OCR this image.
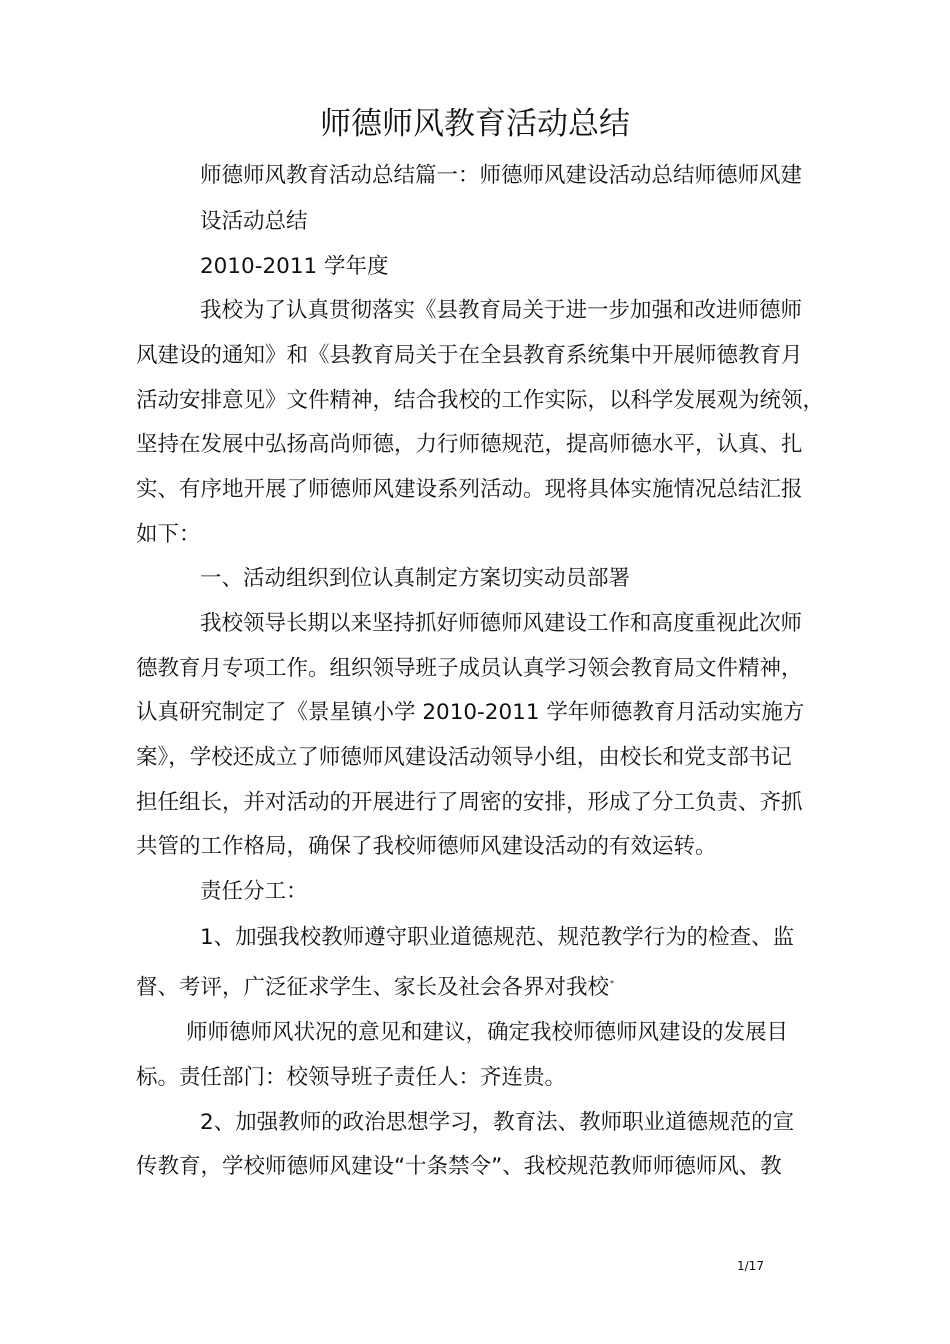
师德师风教育活动总结
师德师风教育活动总结篇一：师德师风建设活动总结师德师风建
设活动总结
2010-2011 学年度
我校为了认真贯彻落实《县教育局关于进一步加强和改进师德师
风建设的通知》和《县教育局关于在全县教育系统集中开展师德教育月
活动安排意见》文件精神，结合我校的工作实际，以科学发展观为统领，
坚持在发展中弘扬高尚师德，力行师德规范，提高师德水平，认真、扎
实、有序地开展了师德师风建设系列活动。现将具体实施情况总结汇报
如下：
一、活动组织到位认真制定方案切实动员部署
我校领导长期以来坚持抓好师德师风建设工作和高度重视此次师
德教育月专项工作。组织领导班子成员认真学习领会教育局文件精神，
认真研究制定了《景星镇小学 2010-2011 学年师德教育月活动实施方
案》，学校还成立了师德师风建设活动领导小组，由校长和党支部书记
担任组长，并对活动的开展进行了周密的安排，形成了分工负责、齐抓
共管的工作格局，确保了我校师德师风建设活动的有效运转。
责任分工：
1、加强我校教师遵守职业道德规范、规范教学行为的检查、监
督、考评，广泛征求学生、家长及社会各界对我校*
师师德师风状况的意见和建议，确定我校师德师风建设的发展目
标。责任部门：校领导班子责任人：齐连贵。
2、加强教师的政治思想学习，教育法、教师职业道德规范的宣
传教育，学校师德师风建设“十条禁令”、我校规范教师师德师风、教
1/17
